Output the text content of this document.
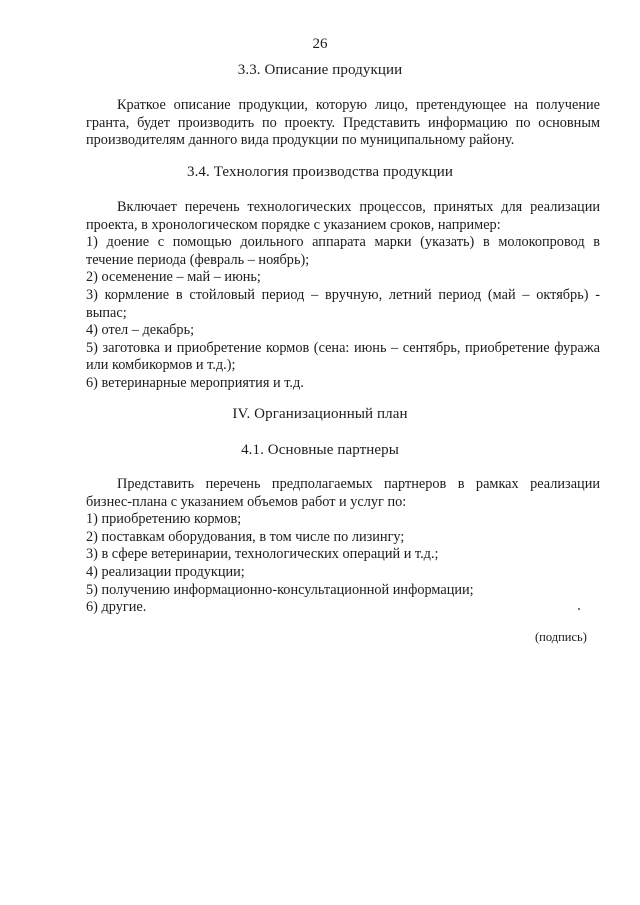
26
3.3. Описание продукции

Краткое описание продукции, которую лицо, претендующее на получение гранта, будет производить по проекту. Представить информацию по основным производителям данного вида продукции по муниципальному району.

3.4. Технология производства продукции

Включает перечень технологических процессов, принятых для реализации проекта, в хронологическом порядке с указанием сроков, например:

1) доение с помощью доильного аппарата марки (указать) в молокопровод в течение периода (февраль – ноябрь);

2) осеменение – май – июнь;

3) кормление в стойловый период – вручную, летний период (май – октябрь) - выпас;

4) отел – декабрь;

5) заготовка и приобретение кормов (сена: июнь – сентябрь, приобретение фуража или комбикормов и т.д.);

6) ветеринарные мероприятия и т.д.

IV. Организационный план
4.1. Основные партнеры

Представить перечень предполагаемых партнеров в рамках реализации бизнес-плана с указанием объемов работ и услуг по:

1) приобретению кормов;

2) поставкам оборудования, в том числе по лизингу;

3) в сфере ветеринарии, технологических операций и т.д.;

4) реализации продукции;

5) получению информационно-консультационной информации;

6) другие.

(подпись)
